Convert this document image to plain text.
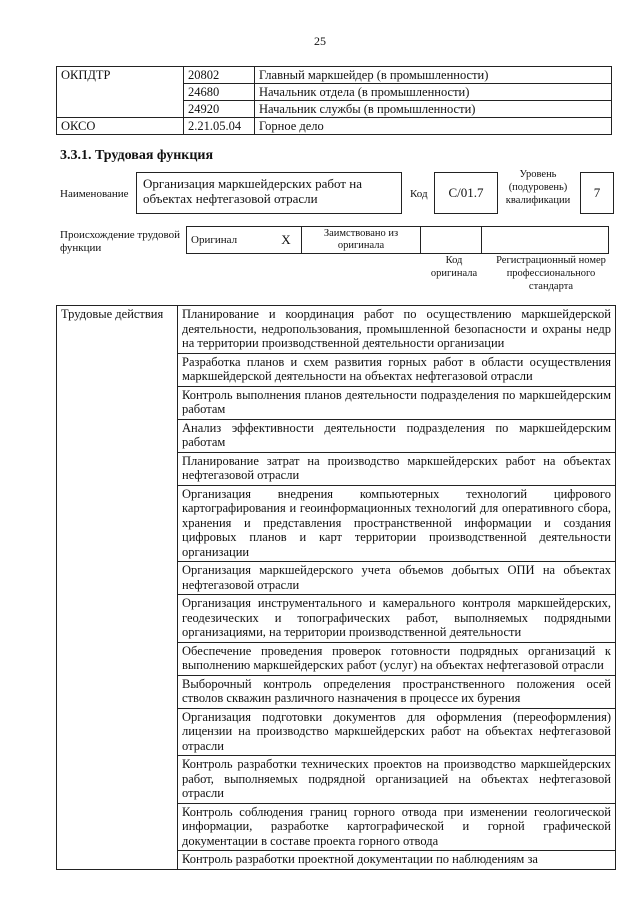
25
ОКПДТР	20802	Главный маркшейдер (в промышленности)
	24680	Начальник отдела (в промышленности)
	24920	Начальник службы (в промышленности)
ОКСО	2.21.05.04	Горное дело
3.3.1. Трудовая функция
Наименование
Организация маркшейдерских работ на объектах нефтегазовой отрасли	Код	C/01.7
Уровень (подуровень) квалификации
7
Происхождение трудовой функции
Оригинал	X	Заимствовано из оригинала		
Код оригинала
Регистрационный номер профессионального стандарта
Трудовые действия	Планирование и координация работ по осуществлению маркшейдерской деятельности, недропользования, промышленной безопасности и охраны недр на территории производственной деятельности организации
Разработка планов и схем развития горных работ в области осуществления маркшейдерской деятельности на объектах нефтегазовой отрасли
Контроль выполнения планов деятельности подразделения по маркшейдерским работам
Анализ эффективности деятельности подразделения по маркшейдерским работам
Планирование затрат на производство маркшейдерских работ на объектах нефтегазовой отрасли
Организация внедрения компьютерных технологий цифрового картографирования и геоинформационных технологий для оперативного сбора, хранения и представления пространственной информации и создания цифровых планов и карт территории производственной деятельности организации
Организация маркшейдерского учета объемов добытых ОПИ на объектах нефтегазовой отрасли
Организация инструментального и камерального контроля маркшейдерских, геодезических и топографических работ, выполняемых подрядными организациями, на территории производственной деятельности
Обеспечение проведения проверок готовности подрядных организаций к выполнению маркшейдерских работ (услуг) на объектах нефтегазовой отрасли
Выборочный контроль определения пространственного положения осей стволов скважин различного назначения в процессе их бурения
Организация подготовки документов для оформления (переоформления) лицензии на производство маркшейдерских работ на объектах нефтегазовой отрасли
Контроль разработки технических проектов на производство маркшейдерских работ, выполняемых подрядной организацией на объектах нефтегазовой отрасли
Контроль соблюдения границ горного отвода при изменении геологической информации, разработке картографической и горной графической документации в составе проекта горного отвода
Контроль разработки проектной документации по наблюдениям за
